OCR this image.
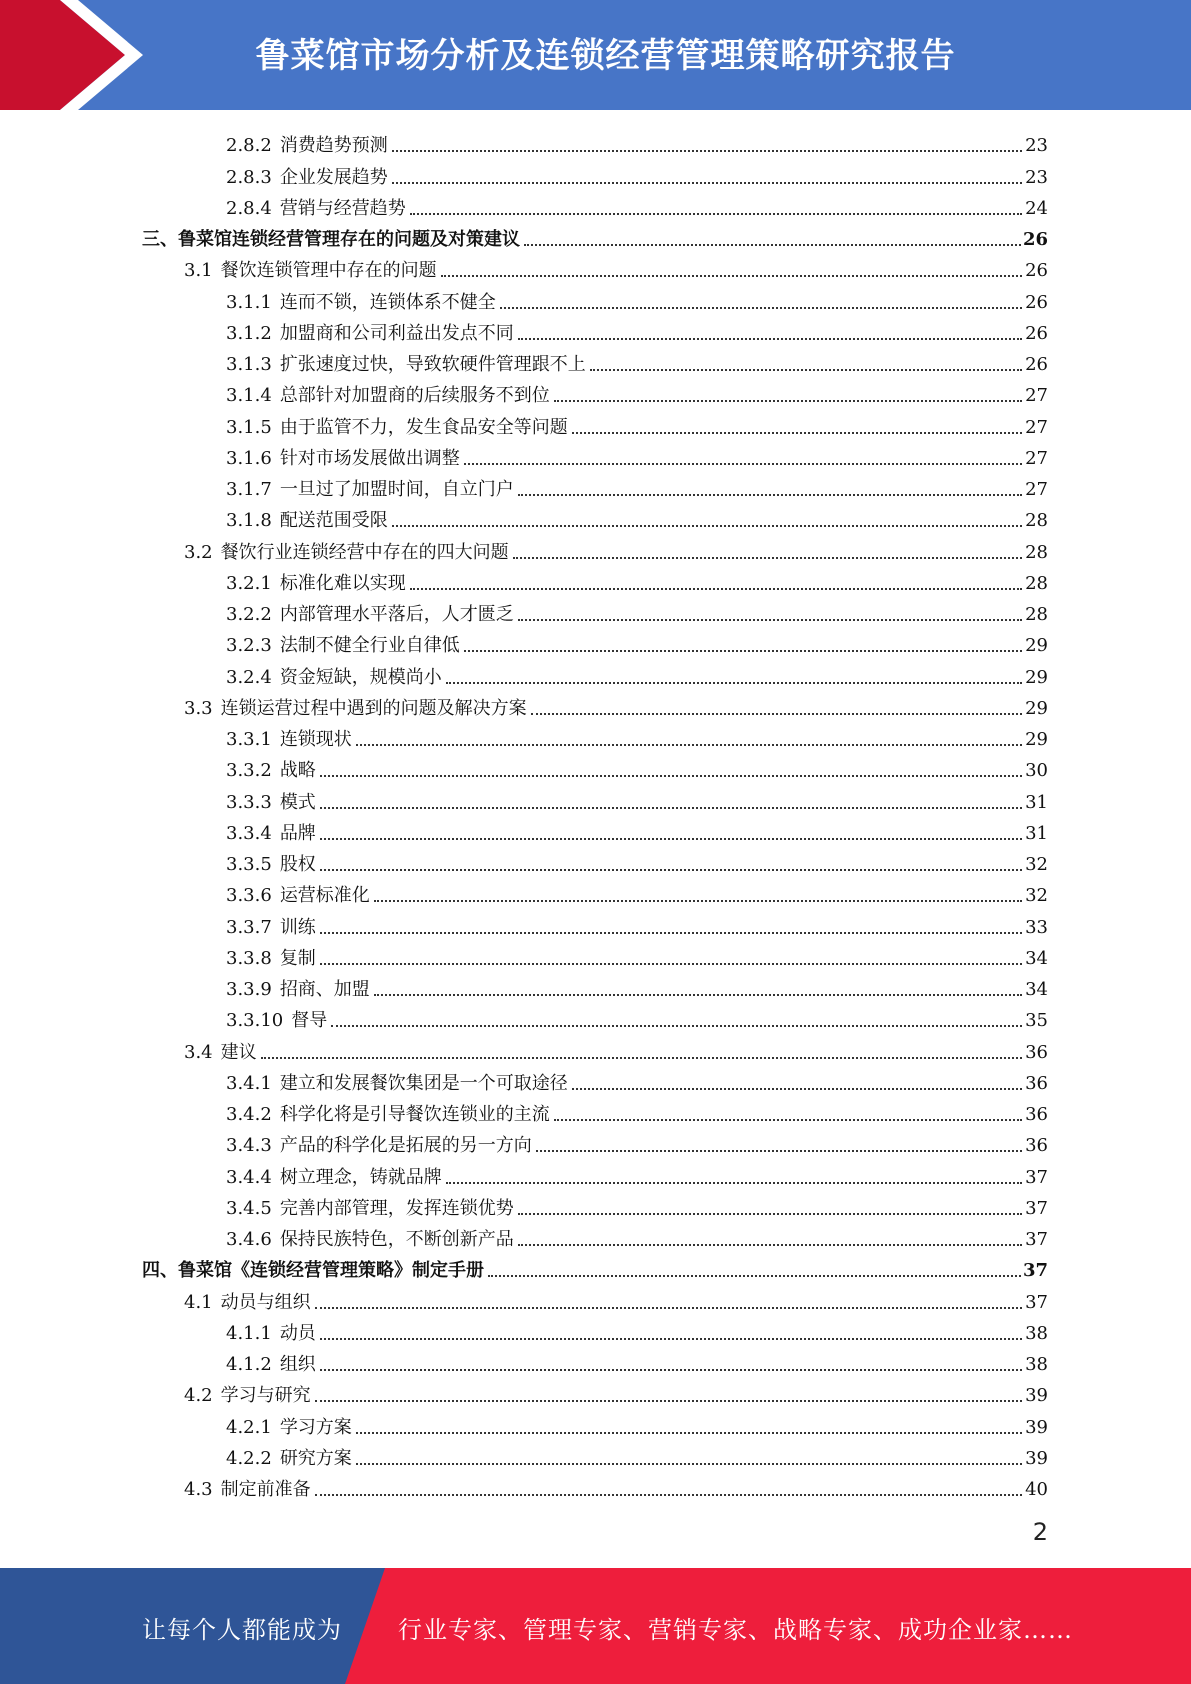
鲁菜馆市场分析及连锁经营管理策略研究报告
2.8.2 消费趋势预测	23
2.8.3 企业发展趋势	23
2.8.4 营销与经营趋势	24
三、鲁菜馆连锁经营管理存在的问题及对策建议	26
3.1 餐饮连锁管理中存在的问题	26
3.1.1 连而不锁，连锁体系不健全	26
3.1.2 加盟商和公司利益出发点不同	26
3.1.3 扩张速度过快，导致软硬件管理跟不上	26
3.1.4 总部针对加盟商的后续服务不到位	27
3.1.5 由于监管不力，发生食品安全等问题	27
3.1.6 针对市场发展做出调整	27
3.1.7 一旦过了加盟时间，自立门户	27
3.1.8 配送范围受限	28
3.2 餐饮行业连锁经营中存在的四大问题	28
3.2.1 标准化难以实现	28
3.2.2 内部管理水平落后，人才匮乏	28
3.2.3 法制不健全行业自律低	29
3.2.4 资金短缺，规模尚小	29
3.3 连锁运营过程中遇到的问题及解决方案	29
3.3.1 连锁现状	29
3.3.2 战略	30
3.3.3 模式	31
3.3.4 品牌	31
3.3.5 股权	32
3.3.6 运营标准化	32
3.3.7 训练	33
3.3.8 复制	34
3.3.9 招商、加盟	34
3.3.10 督导	35
3.4 建议	36
3.4.1 建立和发展餐饮集团是一个可取途径	36
3.4.2 科学化将是引导餐饮连锁业的主流	36
3.4.3 产品的科学化是拓展的另一方向	36
3.4.4 树立理念，铸就品牌	37
3.4.5 完善内部管理，发挥连锁优势	37
3.4.6 保持民族特色，不断创新产品	37
四、鲁菜馆《连锁经营管理策略》制定手册	37
4.1 动员与组织	37
4.1.1 动员	38
4.1.2 组织	38
4.2 学习与研究	39
4.2.1 学习方案	39
4.2.2 研究方案	39
4.3 制定前准备	40
2
让每个人都能成为 行业专家、管理专家、营销专家、战略专家、成功企业家……
